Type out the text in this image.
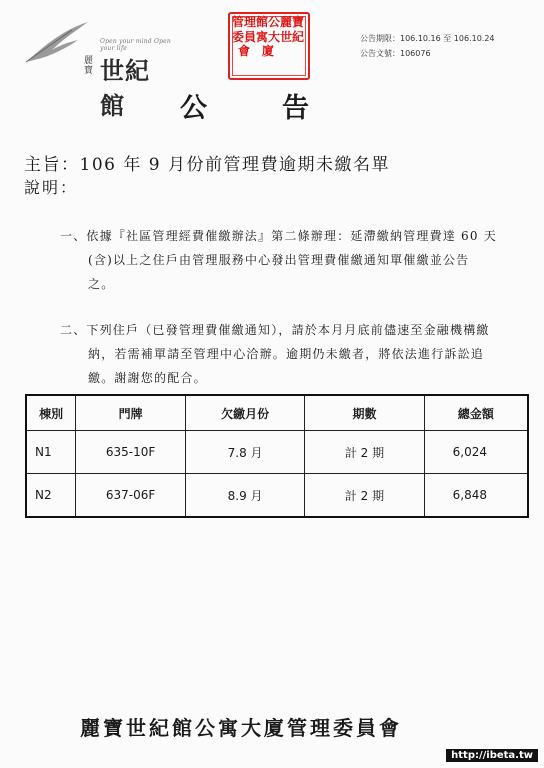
Open your mind Open your life
麗寶 世紀館
麗寶世紀
館公寓大廈
管理委員會
公告期限：106.10.16 至 106.10.24
公告文號：106076
公	告
主旨：106 年 9 月份前管理費逾期未繳名單
說明：
一、依據『社區管理經費催繳辦法』第二條辦理：延滯繳納管理費達 60 天
(含)以上之住戶由管理服務中心發出管理費催繳通知單催繳並公告
之。
二、下列住戶（已發管理費催繳通知），請於本月月底前儘速至金融機構繳
納，若需補單請至管理中心洽辦。逾期仍未繳者，將依法進行訴訟追
繳。謝謝您的配合。
棟別	門牌	欠繳月份	期數	總金額
N1	635-10F	7.8 月	計 2 期	6,024
N2	637-06F	8.9 月	計 2 期	6,848
麗寶世紀館公寓大廈管理委員會
http://ibeta.tw
